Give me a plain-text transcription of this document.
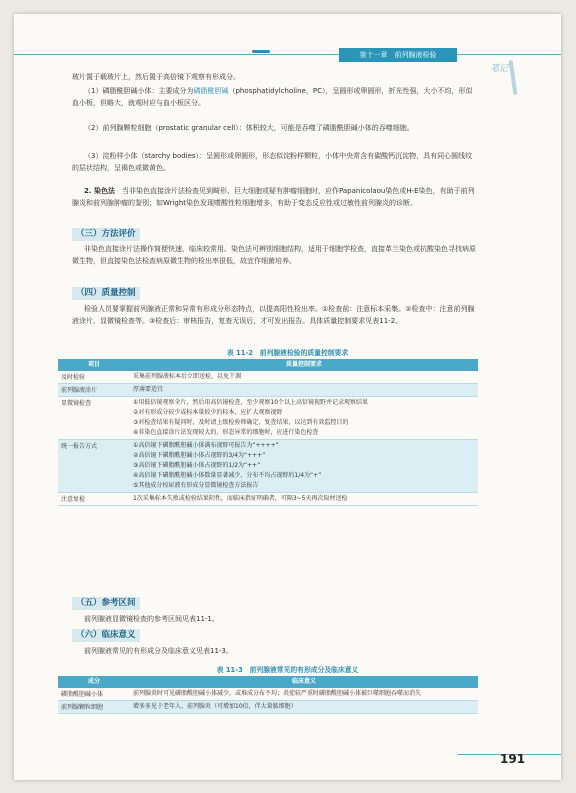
第十一章　前列腺液检验
笔记
玻片置于载玻片上，然后置于高倍镜下观察有形成分。
（1）磷脂酰胆碱小体：主要成分为磷脂酰胆碱（phosphatidylcholine，PC），呈圆形或卵圆形，折光性强，大小不均，形似血小板，但略大，就观时应与血小板区分。
（2）前列腺颗粒细胞（prostatic granular cell）：体积较大，可能是吞噬了磷脂酰胆碱小体的吞噬细胞。
（3）淀粉样小体（starchy bodies）：呈圆形或卵圆形，形态似淀粉样颗粒，小体中央常含有碳酸钙沉淀物，具有同心圆线纹的层状结构，呈褐色或微黄色。
2. 染色法　当非染色直接涂片法检查见到畸形、巨大细胞或疑有肿瘤细胞时，应作Papanicolaou染色或H-E染色，有助于前列腺炎和前列腺肿瘤的鉴别；如Wright染色发现嗜酸性粒细胞增多，有助于变态反应性或过敏性前列腺炎的诊断。
（三）方法评价
非染色直接涂片法操作简便快速，临床较常用。染色法可辨别细胞结构，适用于细胞学检查，直接革兰染色或抗酸染色寻找病原微生物，但直接染色法检查病原微生物的检出率很低，故宜作细菌培养。
（四）质量控制
检验人员要掌握前列腺液正常和异常有形成分形态特点，以提高阳性检出率。①检查前：注意标本采集。②检查中：注意前列腺液涂片、显微镜检查等。③检查后：审核报告，复查无误后，才可发出报告。具体质量控制要求见表11-2。
表 11-2　前列腺液检验的质量控制要求
项目	质量控制要求
及时检验	采集前列腺液标本后立即送检，以免干涸

前列腺液涂片	厚薄要适宜

显微镜检查	①用低倍镜观察全片，然后用高倍镜检查，至少观察10个以上高倍镜视野并记录观察结果
②对有形成分较少或标本量较少的标本，应扩大观察视野
③对检查结果有疑问时，及时请上级检验师确定，复查结果，以达到有效监控目的
④非染色直接涂片法发现较大的、形态异常的细胞时，应进行染色检查

统一报告方式	①高倍镜下磷脂酰胆碱小体满布视野可报告为“++++”
②高倍镜下磷脂酰胆碱小体占视野的3/4为“+++”
③高倍镜下磷脂酰胆碱小体占视野的1/2为“++”
④高倍镜下磷脂酰胆碱小体数量显著减少，分布不均占视野的1/4为“+”
⑤其他成分按尿液有形成分显微镜检查方法报告

注意复检	1次采集标本失败或检验结果阴性，而临床指征明确者，可隔3~5天再次取材送检
（五）参考区间
前列腺液显微镜检查的参考区间见表11-1。
（六）临床意义
前列腺液常见的有形成分及临床意义见表11-3。
表 11-3　前列腺液常见的有形成分及临床意义
成分	临床意义
磷脂酰胆碱小体	前列腺炎时可见磷脂酰胆碱小体减少，或堆成分布不均；炎症较严重时磷脂酰胆碱小体被巨噬细胞吞噬而消失

前列腺颗粒细胞	增多多见于老年人、前列腺炎（可增加10倍，伴大量脓细胞）
191
